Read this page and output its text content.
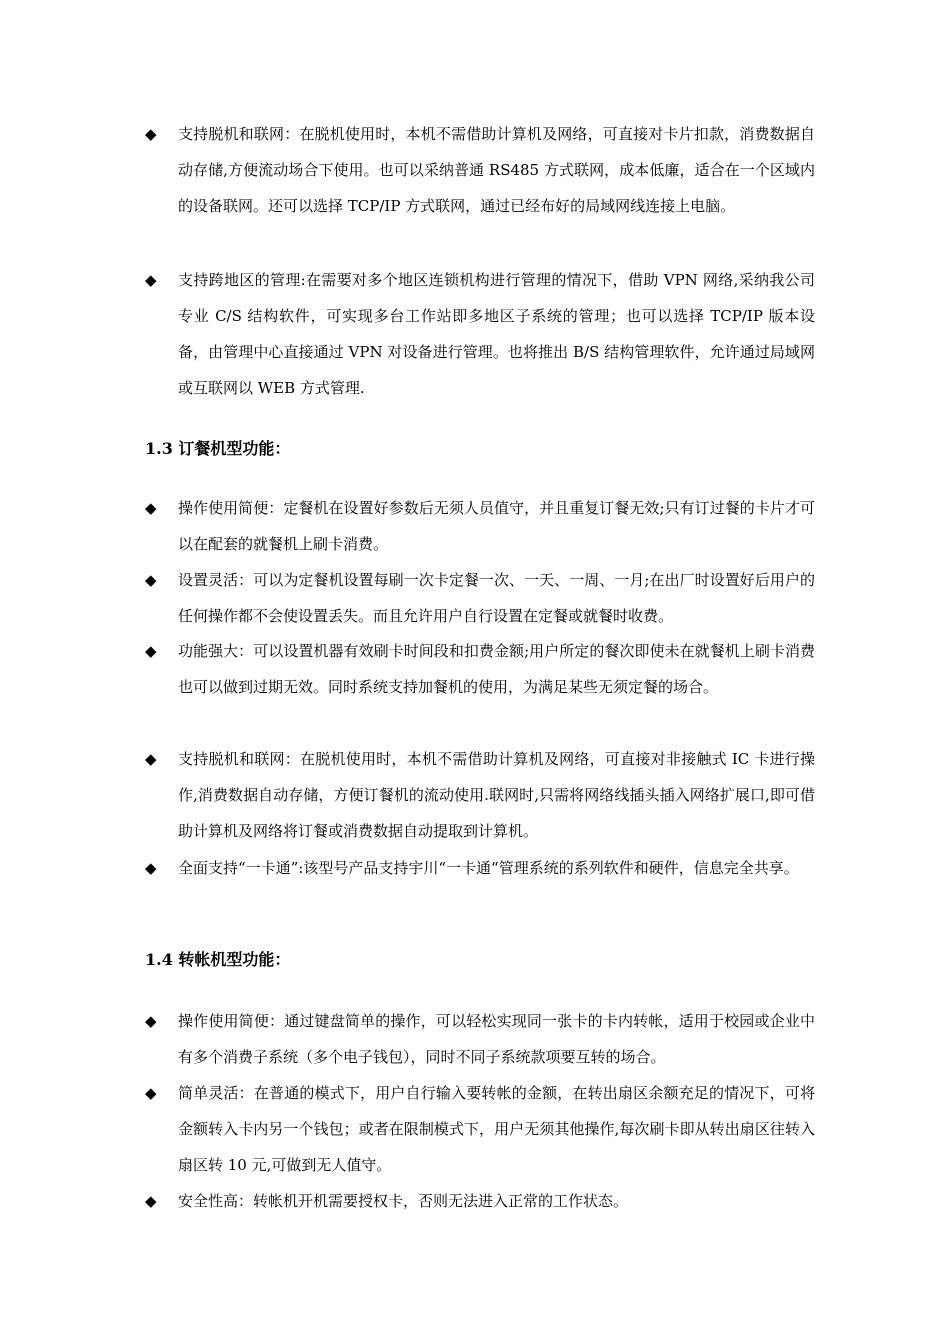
◆	支持脱机和联网：在脱机使用时，本机不需借助计算机及网络，可直接对卡片扣款，消费数据自动存储,方便流动场合下使用。也可以采纳普通 RS485 方式联网，成本低廉，适合在一个区域内的设备联网。还可以选择 TCP/IP 方式联网，通过已经布好的局域网线连接上电脑。
◆	支持跨地区的管理:在需要对多个地区连锁机构进行管理的情况下，借助 VPN 网络,采纳我公司专业 C/S 结构软件，可实现多台工作站即多地区子系统的管理；也可以选择 TCP/IP 版本设备，由管理中心直接通过 VPN 对设备进行管理。也将推出 B/S 结构管理软件，允许通过局域网或互联网以 WEB 方式管理.
1.3 订餐机型功能：
◆	操作使用简便：定餐机在设置好参数后无须人员值守，并且重复订餐无效;只有订过餐的卡片才可以在配套的就餐机上刷卡消费。
◆	设置灵活：可以为定餐机设置每刷一次卡定餐一次、一天、一周、一月;在出厂时设置好后用户的任何操作都不会使设置丢失。而且允许用户自行设置在定餐或就餐时收费。
◆	功能强大：可以设置机器有效刷卡时间段和扣费金额;用户所定的餐次即使未在就餐机上刷卡消费也可以做到过期无效。同时系统支持加餐机的使用，为满足某些无须定餐的场合。
◆	支持脱机和联网：在脱机使用时，本机不需借助计算机及网络，可直接对非接触式 IC 卡进行操作,消费数据自动存储，方便订餐机的流动使用.联网时,只需将网络线插头插入网络扩展口,即可借助计算机及网络将订餐或消费数据自动提取到计算机。
◆	全面支持“一卡通”:该型号产品支持宇川“一卡通“管理系统的系列软件和硬件，信息完全共享。
1.4 转帐机型功能：
◆	操作使用简便：通过键盘简单的操作，可以轻松实现同一张卡的卡内转帐，适用于校园或企业中有多个消费子系统（多个电子钱包），同时不同子系统款项要互转的场合。
◆	简单灵活：在普通的模式下，用户自行输入要转帐的金额，在转出扇区余额充足的情况下，可将金额转入卡内另一个钱包；或者在限制模式下，用户无须其他操作,每次刷卡即从转出扇区往转入扇区转 10 元,可做到无人值守。
◆	安全性高：转帐机开机需要授权卡，否则无法进入正常的工作状态。
